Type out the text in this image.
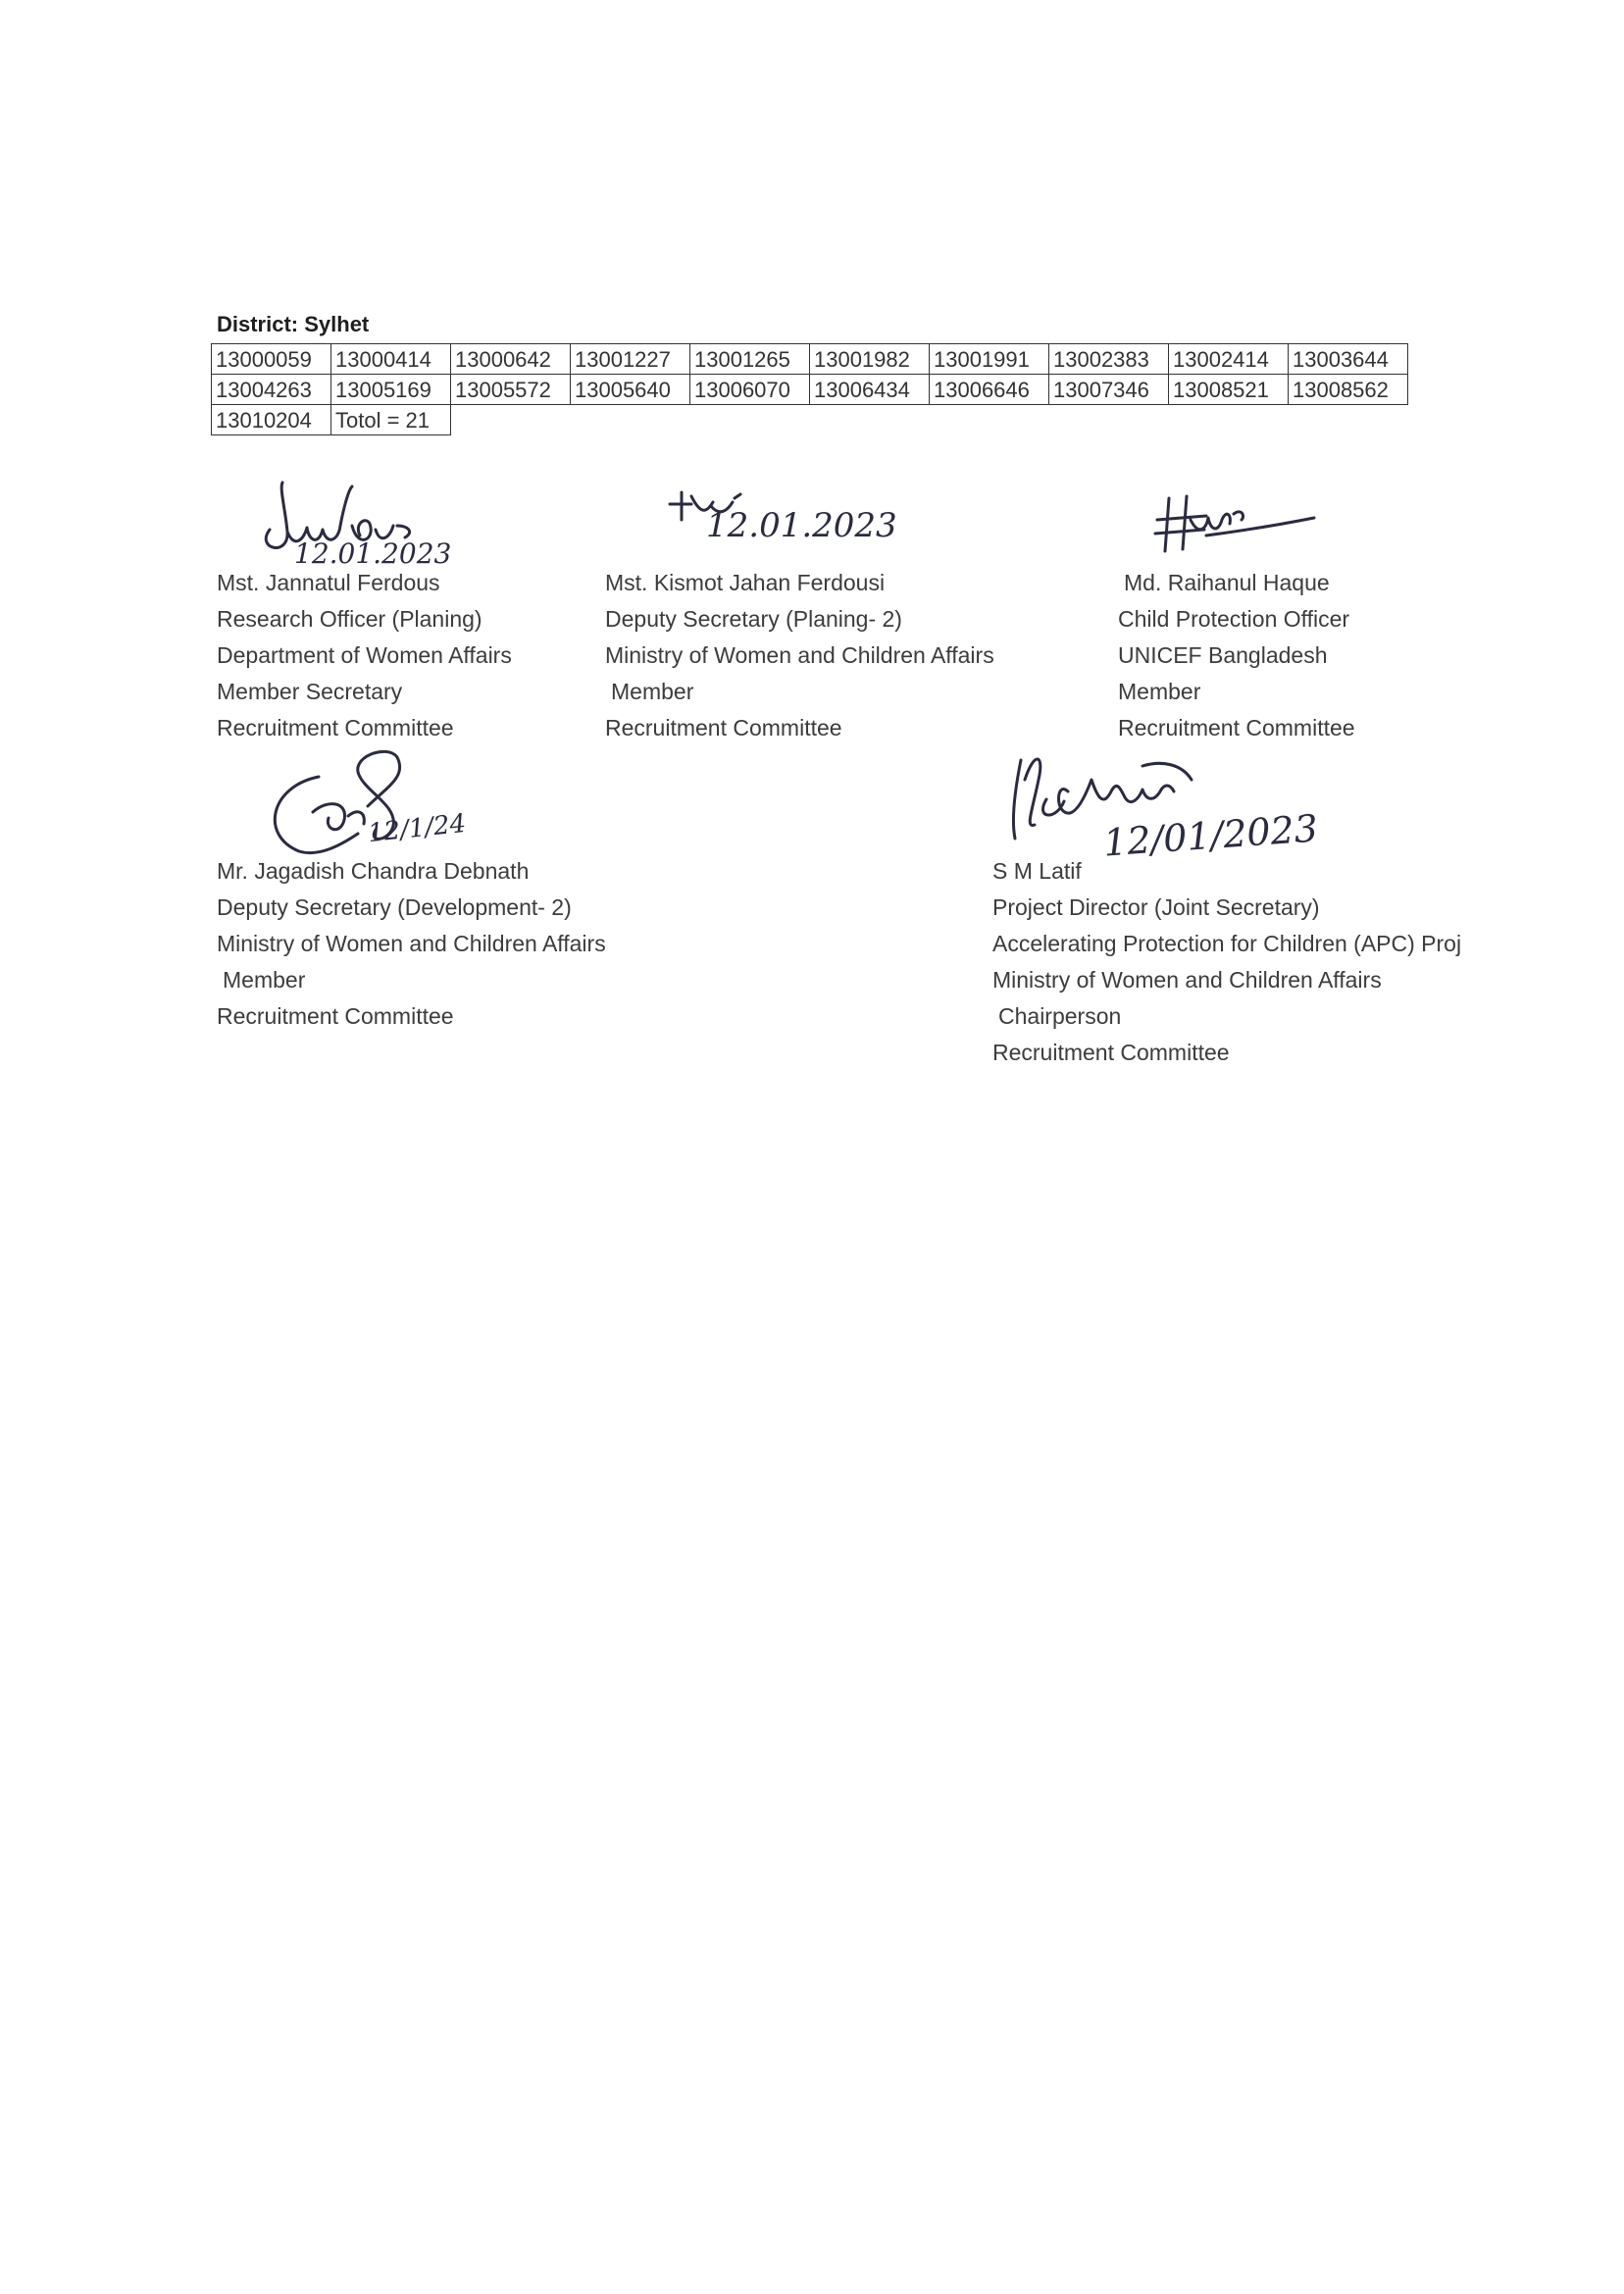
District: Sylhet
13000059	13000414	13000642	13001227	13001265	13001982	13001991	13002383	13002414	13003644
13004263	13005169	13005572	13005640	13006070	13006434	13006646	13007346	13008521	13008562
13010204	Totol = 21								
12.01.2023
Mst. Jannatul Ferdous
Research Officer (Planing)
Department of Women Affairs
Member Secretary
Recruitment Committee
12.01.2023
Mst. Kismot Jahan Ferdousi
Deputy Secretary (Planing- 2)
Ministry of Women and Children Affairs
Member
Recruitment Committee
Md. Raihanul Haque
Child Protection Officer
UNICEF Bangladesh
Member
Recruitment Committee
12/1/24
Mr. Jagadish Chandra Debnath
Deputy Secretary (Development- 2)
Ministry of Women and Children Affairs
Member
Recruitment Committee
12/01/2023
S M Latif
Project Director (Joint Secretary)
Accelerating Protection for Children (APC) Proj
Ministry of Women and Children Affairs
Chairperson
Recruitment Committee
